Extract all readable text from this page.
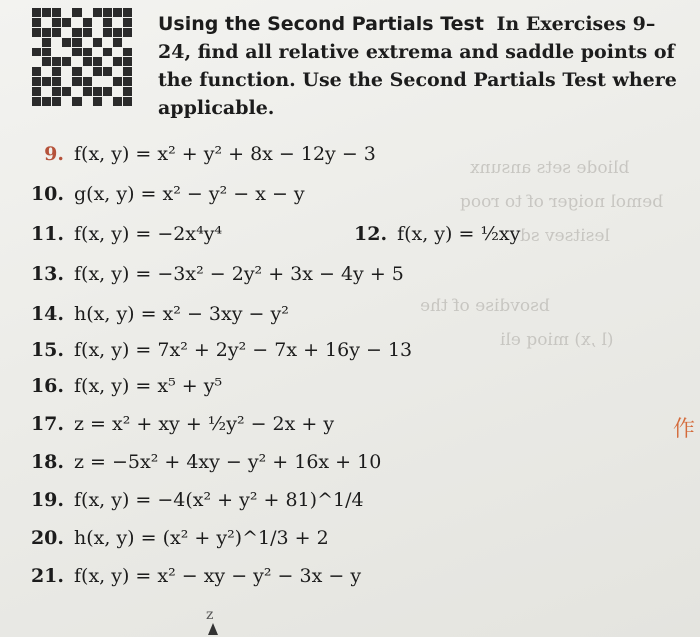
Using the Second Partials Test In Exercises 9–24, find all relative extrema and saddle points of the function. Use the Second Partials Test where applicable.
bliode sets ansunx
bemol noiger of to rooq
lesitsev sd
bsovdise of the
(l ,x) mioq eli
9. f(x, y) = x² + y² + 8x − 12y − 3
10. g(x, y) = x² − y² − x − y
11. f(x, y) = −2x⁴y⁴	12. f(x, y) = ½xy
13. f(x, y) = −3x² − 2y² + 3x − 4y + 5
14. h(x, y) = x² − 3xy − y²
15. f(x, y) = 7x² + 2y² − 7x + 16y − 13
16. f(x, y) = x⁵ + y⁵
17. z = x² + xy + ½y² − 2x + y
18. z = −5x² + 4xy − y² + 16x + 10
19. f(x, y) = −4(x² + y² + 81)^1/4
20. h(x, y) = (x² + y²)^1/3 + 2
21. f(x, y) = x² − xy − y² − 3x − y
作
z
